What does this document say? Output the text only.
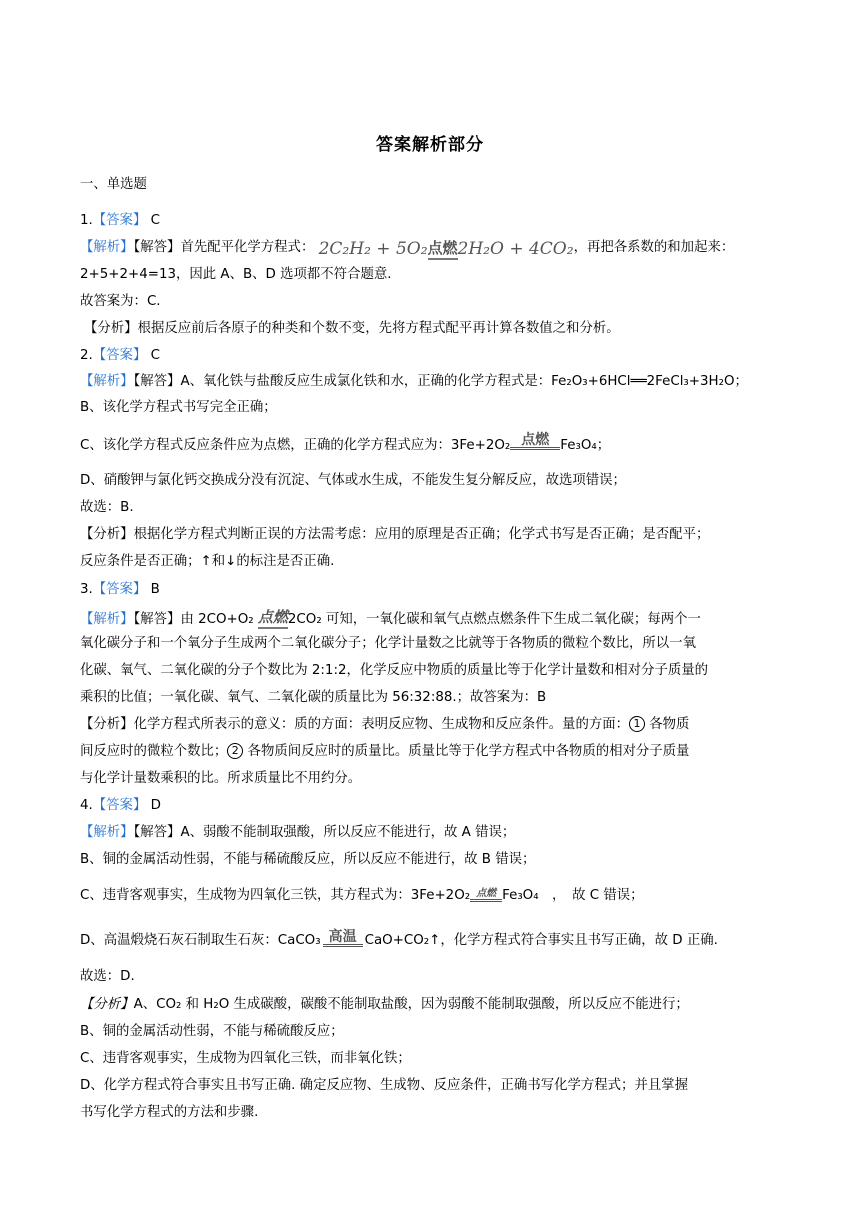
答案解析部分
一、单选题
1.【答案】 C
【解析】【解答】首先配平化学方程式： 2C₂H₂ + 5O₂点燃2H₂O + 4CO₂，再把各系数的和加起来：
2+5+2+4=13，因此 A、B、D 选项都不符合题意.
故答案为：C.
【分析】根据反应前后各原子的种类和个数不变，先将方程式配平再计算各数值之和分析。
2.【答案】 C
【解析】【解答】A、氧化铁与盐酸反应生成氯化铁和水，正确的化学方程式是：Fe₂O₃+6HCl══2FeCl₃+3H₂O；
B、该化学方程式书写完全正确；
C、该化学方程式反应条件应为点燃，正确的化学方程式应为：3Fe+2O₂ 点燃 Fe₃O₄；
D、硝酸钾与氯化钙交换成分没有沉淀、气体或水生成，不能发生复分解反应，故选项错误；
故选：B.
【分析】根据化学方程式判断正误的方法需考虑：应用的原理是否正确；化学式书写是否正确；是否配平；
反应条件是否正确；↑和↓的标注是否正确.
3.【答案】 B
【解析】【解答】由 2CO+O₂ 点燃2CO₂ 可知，一氧化碳和氧气点燃点燃条件下生成二氧化碳；每两个一
氧化碳分子和一个氧分子生成两个二氧化碳分子；化学计量数之比就等于各物质的微粒个数比，所以一氧
化碳、氧气、二氧化碳的分子个数比为 2:1:2，化学反应中物质的质量比等于化学计量数和相对分子质量的
乘积的比值；一氧化碳、氧气、二氧化碳的质量比为 56:32:88.；故答案为：B
【分析】化学方程式所表示的意义：质的方面：表明反应物、生成物和反应条件。量的方面： 1 各物质
间反应时的微粒个数比； 2 各物质间反应时的质量比。质量比等于化学方程式中各物质的相对分子质量
与化学计量数乘积的比。所求质量比不用约分。
4.【答案】 D
【解析】【解答】A、弱酸不能制取强酸，所以反应不能进行，故 A 错误；
B、铜的金属活动性弱，不能与稀硫酸反应，所以反应不能进行，故 B 错误；
C、违背客观事实，生成物为四氧化三铁，其方程式为：3Fe+2O₂ 点燃 Fe₃O₄　，　故 C 错误；
D、高温煅烧石灰石制取生石灰：CaCO₃ 高温 CaO+CO₂↑，化学方程式符合事实且书写正确，故 D 正确.
故选：D.
【分析】A、CO₂ 和 H₂O 生成碳酸，碳酸不能制取盐酸，因为弱酸不能制取强酸，所以反应不能进行；
B、铜的金属活动性弱，不能与稀硫酸反应；
C、违背客观事实，生成物为四氧化三铁，而非氧化铁；
D、化学方程式符合事实且书写正确. 确定反应物、生成物、反应条件，正确书写化学方程式；并且掌握
书写化学方程式的方法和步骤.
